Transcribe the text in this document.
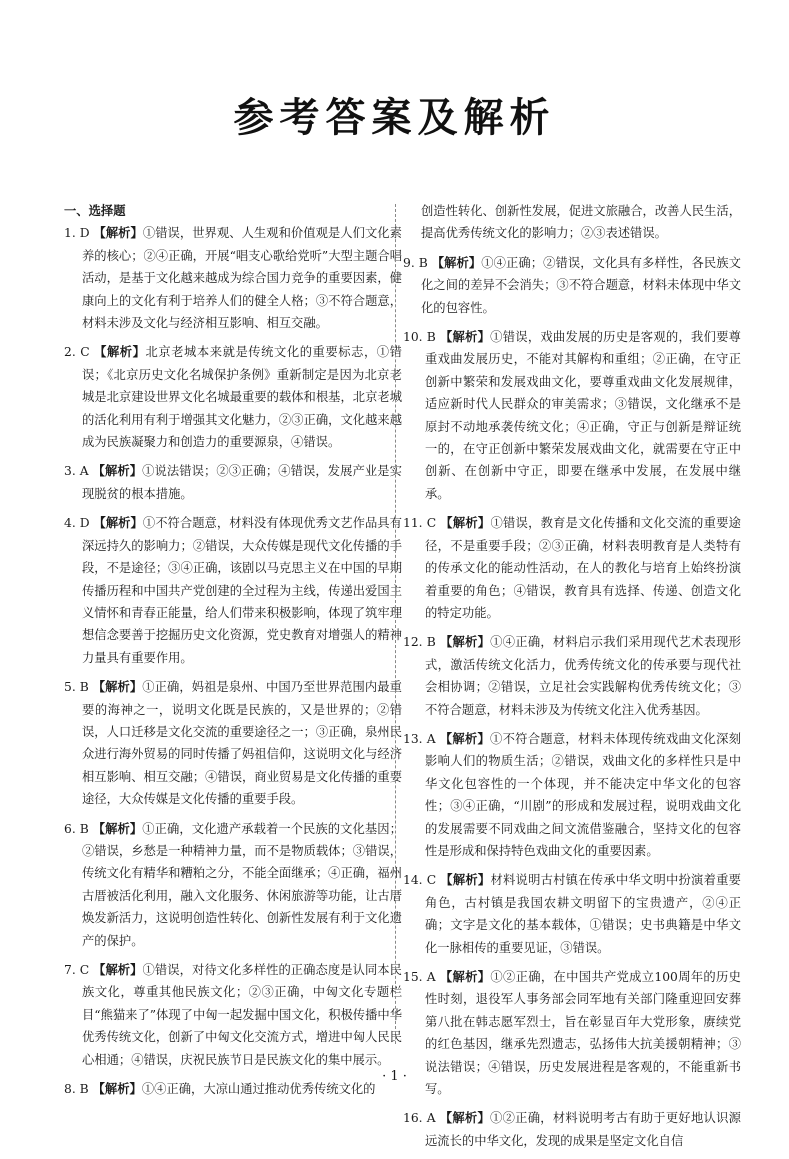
参考答案及解析

一、选择题

1. D 【解析】①错误，世界观、人生观和价值观是人们文化素养的核心；②④正确，开展“唱支心歌给党听”大型主题合唱活动，是基于文化越来越成为综合国力竞争的重要因素，健康向上的文化有利于培养人们的健全人格；③不符合题意，材料未涉及文化与经济相互影响、相互交融。

2. C 【解析】北京老城本来就是传统文化的重要标志，①错误；《北京历史文化名城保护条例》重新制定是因为北京老城是北京建设世界文化名城最重要的载体和根基，北京老城的活化利用有利于增强其文化魅力，②③正确，文化越来越成为民族凝聚力和创造力的重要源泉，④错误。

3. A 【解析】①说法错误；②③正确；④错误，发展产业是实现脱贫的根本措施。

4. D 【解析】①不符合题意，材料没有体现优秀文艺作品具有深远持久的影响力；②错误，大众传媒是现代文化传播的手段，不是途径；③④正确，该剧以马克思主义在中国的早期传播历程和中国共产党创建的全过程为主线，传递出爱国主义情怀和青春正能量，给人们带来积极影响，体现了筑牢理想信念要善于挖掘历史文化资源，党史教育对增强人的精神力量具有重要作用。

5. B 【解析】①正确，妈祖是泉州、中国乃至世界范围内最重要的海神之一，说明文化既是民族的，又是世界的；②错误，人口迁移是文化交流的重要途径之一；③正确，泉州民众进行海外贸易的同时传播了妈祖信仰，这说明文化与经济相互影响、相互交融；④错误，商业贸易是文化传播的重要途径，大众传媒是文化传播的重要手段。

6. B 【解析】①正确，文化遗产承载着一个民族的文化基因；②错误，乡愁是一种精神力量，而不是物质载体；③错误，传统文化有精华和糟粕之分，不能全面继承；④正确，福州古厝被活化利用，融入文化服务、休闲旅游等功能，让古厝焕发新活力，这说明创造性转化、创新性发展有利于文化遗产的保护。

7. C 【解析】①错误，对待文化多样性的正确态度是认同本民族文化，尊重其他民族文化；②③正确，中匈文化专题栏目“熊猫来了”体现了中匈一起发掘中国文化，积极传播中华优秀传统文化，创新了中匈文化交流方式，增进中匈人民民心相通；④错误，庆祝民族节日是民族文化的集中展示。

8. B 【解析】①④正确，大凉山通过推动优秀传统文化的

创造性转化、创新性发展，促进文旅融合，改善人民生活，提高优秀传统文化的影响力；②③表述错误。

9. B 【解析】①④正确；②错误，文化具有多样性，各民族文化之间的差异不会消失；③不符合题意，材料未体现中华文化的包容性。

10. B 【解析】①错误，戏曲发展的历史是客观的，我们要尊重戏曲发展历史，不能对其解构和重组；②正确，在守正创新中繁荣和发展戏曲文化，要尊重戏曲文化发展规律，适应新时代人民群众的审美需求；③错误，文化继承不是原封不动地承袭传统文化；④正确，守正与创新是辩证统一的，在守正创新中繁荣发展戏曲文化，就需要在守正中创新、在创新中守正，即要在继承中发展，在发展中继承。

11. C 【解析】①错误，教育是文化传播和文化交流的重要途径，不是重要手段；②③正确，材料表明教育是人类特有的传承文化的能动性活动，在人的教化与培育上始终扮演着重要的角色；④错误，教育具有选择、传递、创造文化的特定功能。

12. B 【解析】①④正确，材料启示我们采用现代艺术表现形式，激活传统文化活力，优秀传统文化的传承要与现代社会相协调；②错误，立足社会实践解构优秀传统文化；③不符合题意，材料未涉及为传统文化注入优秀基因。

13. A 【解析】①不符合题意，材料未体现传统戏曲文化深刻影响人们的物质生活；②错误，戏曲文化的多样性只是中华文化包容性的一个体现，并不能决定中华文化的包容性；③④正确，“川剧”的形成和发展过程，说明戏曲文化的发展需要不同戏曲之间文流借鉴融合，坚持文化的包容性是形成和保持特色戏曲文化的重要因素。

14. C 【解析】材料说明古村镇在传承中华文明中扮演着重要角色，古村镇是我国农耕文明留下的宝贵遗产，②④正确；文字是文化的基本载体，①错误；史书典籍是中华文化一脉相传的重要见证，③错误。

15. A 【解析】①②正确，在中国共产党成立100周年的历史性时刻，退役军人事务部会同军地有关部门隆重迎回安葬第八批在韩志愿军烈士，旨在彰显百年大党形象，赓续党的红色基因，继承先烈遗志，弘扬伟大抗美援朝精神；③说法错误；④错误，历史发展进程是客观的，不能重新书写。

16. A 【解析】①②正确，材料说明考古有助于更好地认识源远流长的中华文化，发现的成果是坚定文化自信

· 1 ·
